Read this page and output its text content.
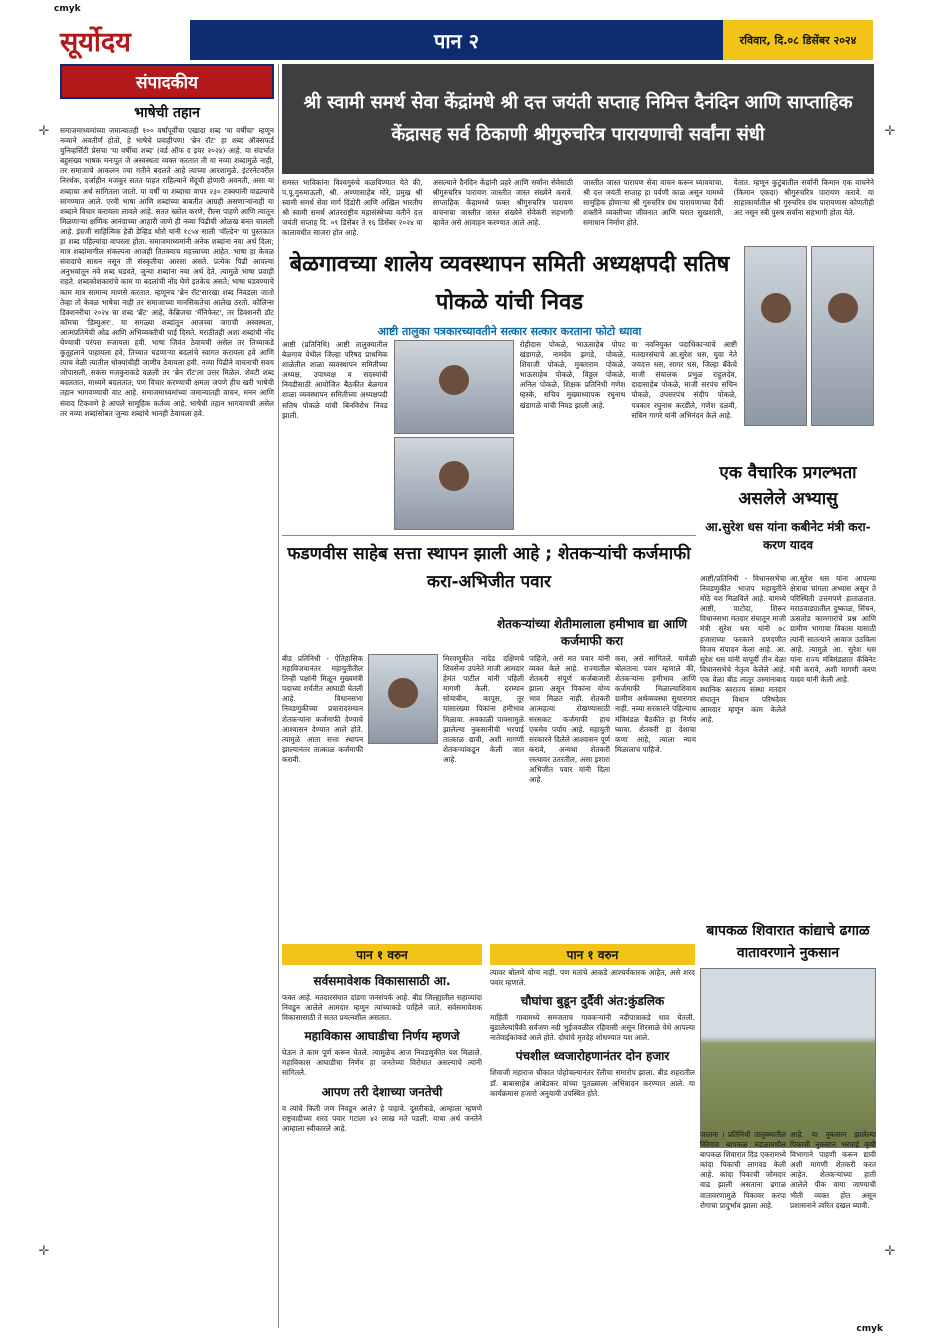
cmyk
cmyk
✛
✛
✛
✛
सूर्योदय	पान २	रविवार, दि.०८ डिसेंबर २०२४
संपादकीय
भाषेची तहान
समाजमाध्यमांच्या जमान्यातही १०० वर्षांपूर्वीचा एखादा शब्द 'या वर्षीचा' म्हणून नव्याने अवतीर्ण होतो, हे भाषेचे प्रवाहीपण! 'ब्रेन रॉट' हा शब्द ऑक्सफर्ड युनिव्हर्सिटी प्रेसचा 'या वर्षीचा शब्द' (वर्ड ऑफ द इयर २०२४) आहे. या संदर्भात बहुसंख्य भाषक मनःपूत जे अस्वस्थता व्यक्त करतात ती या नव्या शब्दामुळे नाही, तर समाजाचे आकलन ज्या गतीने बदलते आहे त्याच्या आरशामुळे. इंटरनेटवरील निरर्थक, दर्जाहीन मजकूर सतत पाहत राहिल्याने मेंदूची होणारी अवनती, असा या शब्दाचा अर्थ सांगितला जातो. या वर्षी या शब्दाचा वापर २३० टक्क्यांनी वाढल्याचे सांगण्यात आले. एरवी भाषा आणि शब्दांच्या बाबतीत आग्रही असणाऱ्यांनाही या शब्दाने विचार करायला लावले आहे. सतत स्क्रोल करणे, रील्स पाहणे आणि त्यातून मिळणाऱ्या क्षणिक आनंदाच्या आहारी जाणे ही नव्या पिढीची ओळख बनत चालली आहे. इंग्रजी साहित्यिक हेन्री डेव्हिड थोरो यांनी १८५४ साली 'वॉल्डेन' या पुस्तकात हा शब्द पहिल्यांदा वापरला होता. समाजमाध्यमांनी अनेक शब्दांना नवा अर्थ दिला; मात्र शब्दांमागील संकल्पना आजही तितक्याच महत्त्वाच्या आहेत. भाषा हा केवळ संवादाचे साधन नसून ती संस्कृतीचा आरसा असते. प्रत्येक पिढी आपल्या अनुभवांतून नवे शब्द घडवते, जुन्या शब्दांना नवा अर्थ देते. त्यामुळे भाषा प्रवाही राहते. शब्दकोशकारांचे काम या बदलांची नोंद घेणे इतकेच असते; भाषा घडवण्याचे काम मात्र सामान्य माणसे करतात. म्हणूनच 'ब्रेन रॉट'सारखा शब्द निवडला जातो तेव्हा तो केवळ भाषेचा नाही तर समाजाच्या मानसिकतेचा आलेख ठरतो. कोलिन्स डिक्शनरीचा २०२४ चा शब्द 'ब्रॅट' आहे, केंब्रिजचा 'मॅनिफेस्ट', तर डिक्शनरी डॉट कॉमचा 'डिम्युअर'. या सगळ्या शब्दांतून आजच्या जगाची अस्वस्थता, आत्मप्रतिमेची ओढ आणि अभिव्यक्तीची घाई दिसते. मराठीतही अशा शब्दांची नोंद घेण्याची परंपरा रुजायला हवी. भाषा जिवंत ठेवायची असेल तर तिच्याकडे कुतूहलाने पाहायला हवे, तिच्यात घडणाऱ्या बदलांचे स्वागत करायला हवे आणि त्याच वेळी त्यातील धोक्यांचीही जाणीव ठेवायला हवी. नव्या पिढीने वाचनाची सवय जोपासली, सकस मजकुराकडे वळली तर 'ब्रेन रॉट'ला उत्तर मिळेल. शेवटी शब्द बदलतात, माध्यमे बदलतात; पण विचार करण्याची क्षमता जपणे हीच खरी भाषेची तहान भागवण्याची वाट आहे. समाजमाध्यमांच्या जमान्यातही वाचन, मनन आणि संवाद टिकवणे हे आपले सामूहिक कर्तव्य आहे. भाषेची तहान भागवायची असेल तर नव्या शब्दांसोबत जुन्या शब्दांचे भानही ठेवायला हवे.
श्री स्वामी समर्थ सेवा केंद्रांमधे श्री दत्त जयंती सप्ताह निमित्त दैनंदिन आणि साप्ताहिक केंद्रासह सर्व ठिकाणी श्रीगुरुचरित्र पारायणाची सर्वांना संधी
समस्त भाविकांना विश्वगुरुंचे कळविण्यात येते की, प.पू.गुरुमाऊली, श्री. अण्णासाहेब मोरे, प्रमुख श्री स्वामी समर्थ सेवा मार्ग दिंडोरी आणि अखिल भारतीय श्री स्वामी समर्थ आंतरराष्ट्रीय महासंस्थेच्या वतीने दत्त जयंती सप्ताह दि. ०९ डिसेंबर ते १६ डिसेंबर २०२४ या कालावधीत साजरा होत आहे.
असल्याने दैनंदिन केंद्रांनी प्रहरे आणि सर्वांना सेवेसाठी श्रीगुरुचरित्र पारायण जास्तीत जास्त संख्येने करावे. साप्ताहिक केंद्रामध्ये फक्त श्रीगुरुचरित्र पारायण वाचनाचा जास्तीत जास्त संख्येने सेवेकरी सहभागी व्हावेत असे आवाहन करण्यात आले आहे.
जास्तीत जास्त पारायण सेवा वाचन करून घ्यावयाचा. श्री दत्त जयंती सप्ताह हा पर्वणी काळ असून यामध्ये सामुहिक होणाऱ्या श्री गुरुचरित्र ग्रंथ पारायणाच्या दैवी शक्तीने व्यक्तीच्या जीवनात आणि घरात सुखशांती, समाधान निर्माण होते.
येतात. म्हणून कुटुंबातील सर्वांनी किमान एक वाचनेने (किमान एकदा) श्रीगुरुचरित्र पारायण करावे. या साहाकार्यातील श्री गुरुचरित्र ग्रंथ पारायणास कोणतीही अट नसून स्त्री पुरुष सर्वांना सहभागी होता येते.
बेळगावच्या शालेय व्यवस्थापन समिती अध्यक्षपदी सतिष पोकळे यांची निवड
आष्टी तालुका पत्रकारच्यावतीने सत्कार सत्कार करताना फोटो ध्यावा
आष्टी (प्रतिनिधि) आष्टी तालुक्यातील बेळगाव येथील जिल्हा परिषद प्राथमिक शाळेतील शाळा व्यवस्थापन समितीच्या अध्यक्ष, उपाध्यक्ष व सदस्यांची निवडीसाठी आयोजित बैठकीत बेळगाव शाळा व्यवस्थापन समितीच्या अध्यक्षपदी सतिष पोकळे यांची बिनविरोध निवड झाली.
रोहीदास पोकळे, भाऊसाहेब पोपट खंडागळे, नामदेव झगडे, पोकळे, शिवाजी पोकळे, मुक्ताराम पोकळे, भाऊसाहेब पोकळे, विठ्ठल पोकळे, अनिल पोकळे, शिक्षक प्रतिनिधी गणेश म्हस्के, सचिव मुख्याध्यापक रघुनाथ खंडागळे यांची निवड झाली आहे.
या नवनियुक्त पदाधिकाऱ्यांचे आष्टी मतदारसंघाचे आ.सुरेश धस, युवा नेते जयदत्त धस, सागर धस, जिल्हा बँकेचे माजी संचालक प्रभुळ राहुलदेव, दादासाहेब पोकळे, माजी सरपंच सचिन पोकळे, उपसरपंच संदीप पोकळे, पत्रकार रघुनाथ करडीले, गणेश दळवी, सचिन गागरे यांनी अभिनंदन केले आहे.
एक वैचारिक प्रगल्भता असलेले अभ्यासु
आ.सुरेश धस यांना कबीनेट मंत्री करा-करण यादव
आष्टी/प्रतिनिधी - विधानसभेचा निवडणुकीत भाजप महायुतीने मोठे यश मिळविले आहे. यामध्ये आष्टी, पाटोदा, शिरूर विधानसभा मतदार संघातून माजी मंत्री सुरेश धस यांनी ७८ हजाराच्या फरकाने दणदणीत विजय संपादन केला आहे. आ. सुरेश धस यांनी यापूर्वी तीन वेळा विधानसभेचे नेतृत्व केलेले आहे. एक वेळा बीड लातूर उस्मानाबाद स्थानिक स्वराज्य संस्था मतदार संघातून विधान परिषदेवर आमदार म्हणून काम केलेले आहे.
आ.सुरेश धस यांना आपल्या क्षेत्राचा चांगला अभ्यास असून ते परिस्थिती उत्तमपणे हाताळतात. मराठवाड्यातील दुष्काळ, सिंचन, ऊसतोड कामगारांचे प्रश्न आणि ग्रामीण भागाचा विकास यासाठी त्यांनी सातत्याने आवाज उठविला आहे. त्यामुळे आ. सुरेश धस यांना राज्य मंत्रिमंडळात कॅबिनेट मंत्री करावे, अशी मागणी करण यादव यांनी केली आहे.
फडणवीस साहेब सत्ता स्थापन झाली आहे ; शेतकऱ्यांची कर्जमाफी करा-अभिजीत पवार
शेतकऱ्यांच्या शेतीमालाला हमीभाव द्या आणि कर्जमाफी करा
बीड प्रतिनिधी - ऐतिहासिक महाविजयानंतर महायुतीतील तिन्ही पक्षांनी मिळून मुख्यमंत्री पदाच्या शर्यतीत आघाडी घेतली आहे. विधानसभा निवडणुकीच्या प्रचारादरम्यान शेतकऱ्यांना कर्जमाफी देण्याचे आश्वासन देण्यात आले होते. त्यामुळे आता सत्ता स्थापन झाल्यानंतर तात्काळ कर्जमाफी करावी.
मिरवणूकीत नांदेड दक्षिणचे शिवसेना उपनेते माजी आमदार हेमंत पाटील यांनी पहिली मागणी केली. दरम्यान सोयाबीन, कापूस, तूर यांसारख्या पिकांना हमीभाव मिळावा. अवकाळी पावसामुळे झालेल्या नुकसानीची भरपाई तात्काळ द्यावी, अशी मागणी शेतकऱ्यांकडून केली जात आहे.
पाहिजे, असे मत पवार यांनी व्यक्त केले आहे. राज्यातील शेतकरी संपूर्ण कर्जबाजारी झाला असून पिकांना योग्य भाव मिळत नाही. शेतकरी आत्महत्या रोखण्यासाठी सरसकट कर्जमाफी हाच एकमेव पर्याय आहे. महायुती सरकारने दिलेले आश्वासन पूर्ण करावे, अन्यथा शेतकरी रस्त्यावर उतरतील, असा इशारा अभिजीत पवार यांनी दिला आहे.
करा, असे सांगितले. यावेळी बोलताना पवार म्हणाले की, शेतकऱ्यांना हमीभाव आणि कर्जमाफी मिळाल्याशिवाय ग्रामीण अर्थव्यवस्था सुधारणार नाही. नव्या सरकारने पहिल्याच मंत्रिमंडळ बैठकीत हा निर्णय घ्यावा. शेतकरी हा देशाचा कणा आहे, त्याला न्याय मिळालाच पाहिजे.
पान १ वरुन	पान १ वरुन
सर्वसमावेशक विकासासाठी आ.
फक्त आहे. मतदारसंघात दांडगा जनसंपर्क आहे. बीड जिल्ह्यातील सहाव्यांदा निवडून आलेले आमदार म्हणून त्यांच्याकडे पाहिले जाते. सर्वसमावेशक विकासासाठी ते सतत प्रयत्नशील असतात.
महाविकास आघाडीचा निर्णय म्हणजे
घेऊन ते काम पूर्ण करून घेतले. त्यामुळेच आज निवडणुकीत यश मिळाले. महाविकास आघाडीचा निर्णय हा जनतेच्या विरोधात असल्याचे त्यांनी सांगितले.
आपण तरी देशाच्या जनतेची
व त्यांचे किती जण निवडून आले? हे पाहावे. दुसरीकडे, आम्हाला म्हणणे राष्ट्रवादीच्या शरद पवार गटाला ४२ लाख मते पडली. याचा अर्थ जनतेने आम्हाला स्वीकारले आहे.
त्यावर बोलणे योग्य नाही. पण मतांचे आकडे आश्चर्यकारक आहेत, असे शरद पवार म्हणाले.
चौघांचा बुडून दुर्दैवी अंत:कुंडलिक
माहिती गावामध्ये समजताच गावकऱ्यांनी नदीपात्राकडे धाव घेतली. बुडालेल्यांपैकी सर्वजण नदी भुईजवळील रहिवासी असून शिरसाळे येथे आपल्या नातेवाईकांकडे आले होते. दोघांचे मृतदेह शोधण्यात यश आले.
पंचशील ध्वजारोहणानंतर दोन हजार
शिवाजी महाराज चौकात पोहोचल्यानंतर रॅलीचा समारोप झाला. बीड शहरातील डॉ. बाबासाहेब आंबेडकर यांच्या पुतळ्याला अभिवादन करण्यात आले. या कार्यक्रमास हजारो अनुयायी उपस्थित होते.
बापकळ शिवारात कांद्याचे ढगाळ वातावरणाने नुकसान
जालना । प्रतिनिधी तालुक्यातील विरेगाव बापकळ मंडळामधील बापकळ शिवारात दिड एकरामध्ये कांदा पिकाची लागवड केली आहे. कांदा पिकाची जोमदार वाढ झाली असताना ढगाळ वातावरणामुळे पिकावर करपा रोगाचा प्रादुर्भाव झाला आहे.
आहे. या नुकसान झालेल्या पिकाची नुकसान भरपाई कृषी विभागाने पाहणी करून द्यावी अशी मागणी शेतकरी करत आहेत. शेतकऱ्यांच्या हाती आलेले पीक वाया जाण्याची भीती व्यक्त होत असून प्रशासनाने त्वरित दखल घ्यावी.
